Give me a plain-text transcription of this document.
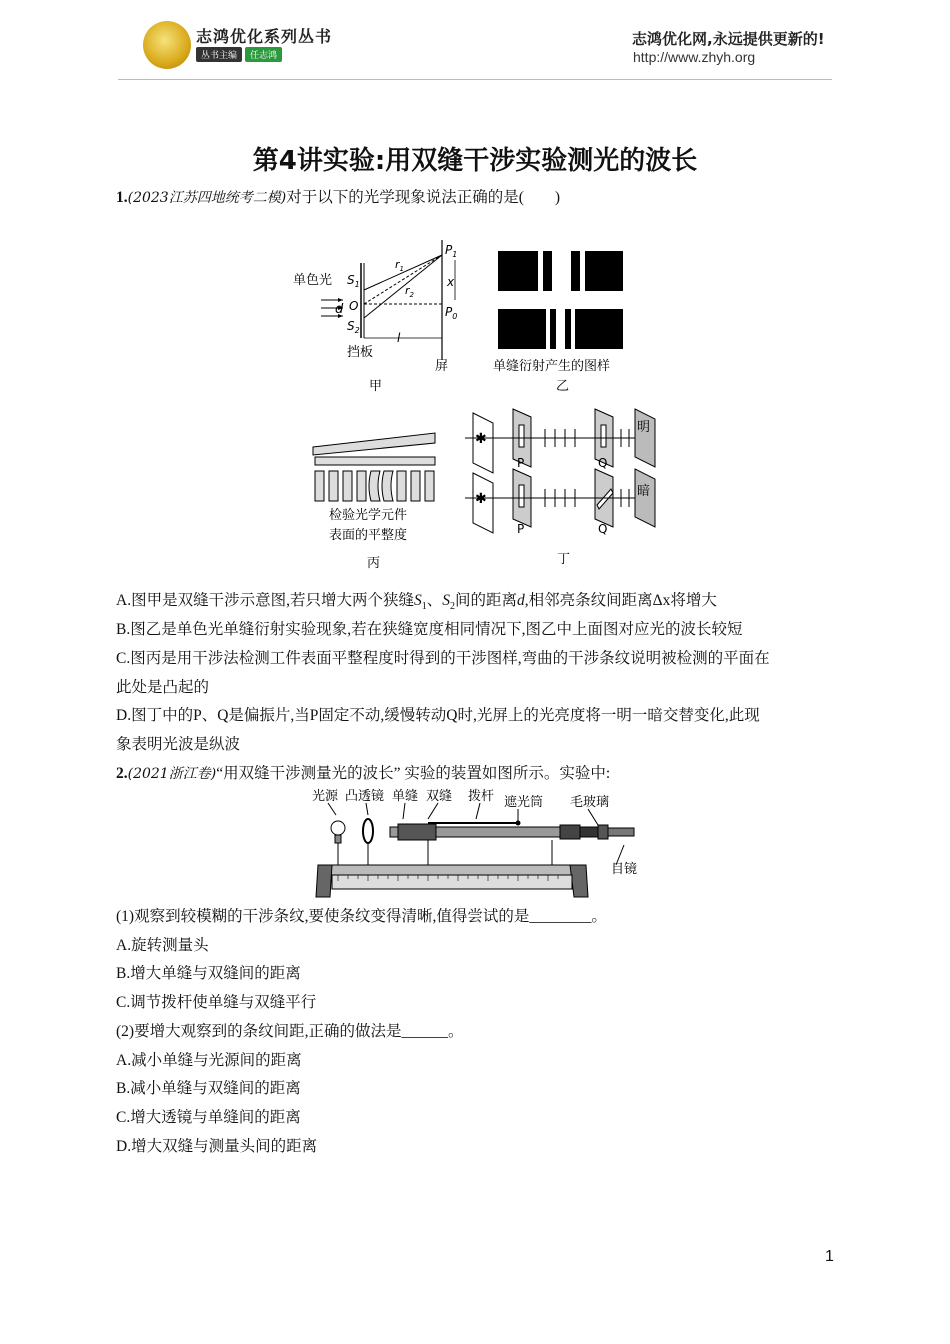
志鸿优化系列丛书
丛书主编 任志鸿
志鸿优化网,永远提供更新的!
http://www.zhyh.org
第4讲实验:用双缝干涉实验测光的波长
1.(2023江苏四地统考二模)对于以下的光学现象说法正确的是(　　)
单色光
d
$S_1$
$S_2$
O
$r_1$
$r_2$
$P_1$
$P_0$
x
l
挡板
屏
甲
单缝衍射产生的图样
乙
检验光学元件
表面的平整度
丙
✱
✱
P	Q
明
P	Q
暗
丁
A.图甲是双缝干涉示意图,若只增大两个狭缝$S_1$、$S_2$间的距离d,相邻亮条纹间距离Δx将增大
B.图乙是单色光单缝衍射实验现象,若在狭缝宽度相同情况下,图乙中上面图对应光的波长较短
C.图丙是用干涉法检测工件表面平整程度时得到的干涉图样,弯曲的干涉条纹说明被检测的平面在
此处是凸起的
D.图丁中的P、Q是偏振片,当P固定不动,缓慢转动Q时,光屏上的光亮度将一明一暗交替变化,此现
象表明光波是纵波
2.(2021浙江卷)“用双缝干涉测量光的波长” 实验的装置如图所示。实验中:
光源 凸透镜 单缝 双缝 拨杆 遮光筒 毛玻璃
目镜
(1)观察到较模糊的干涉条纹,要使条纹变得清晰,值得尝试的是________。
A.旋转测量头
B.增大单缝与双缝间的距离
C.调节拨杆使单缝与双缝平行
(2)要增大观察到的条纹间距,正确的做法是______。
A.减小单缝与光源间的距离
B.减小单缝与双缝间的距离
C.增大透镜与单缝间的距离
D.增大双缝与测量头间的距离
1
